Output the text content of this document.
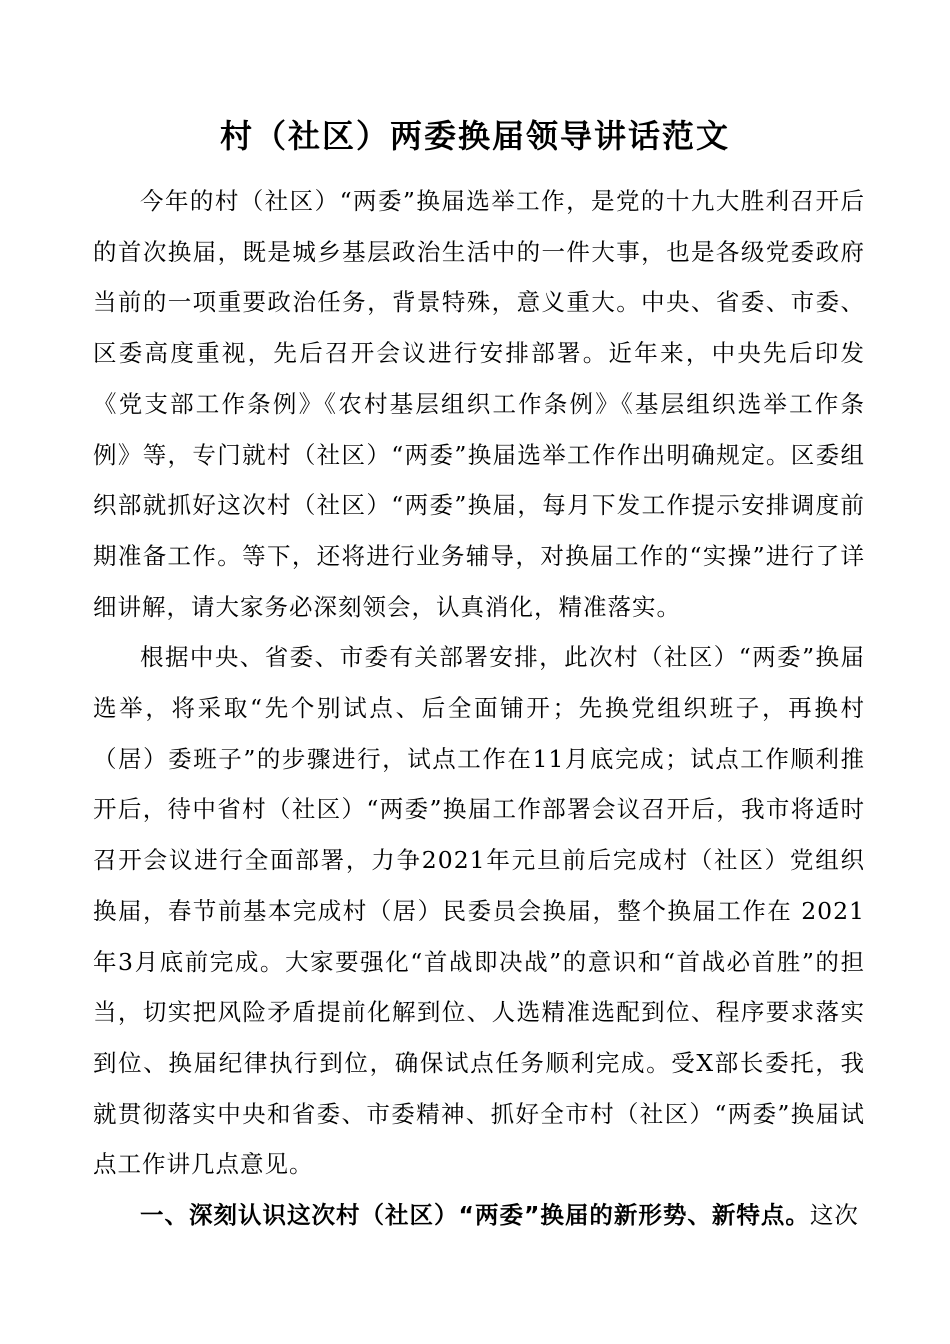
村（社区）两委换届领导讲话范文

今年的村（社区）“两委”换届选举工作，是党的十九大胜利召开后的首次换届，既是城乡基层政治生活中的一件大事，也是各级党委政府当前的一项重要政治任务，背景特殊，意义重大。中央、省委、市委、区委高度重视，先后召开会议进行安排部署。近年来，中央先后印发《党支部工作条例》《农村基层组织工作条例》《基层组织选举工作条例》等，专门就村（社区）“两委”换届选举工作作出明确规定。区委组织部就抓好这次村（社区）“两委”换届，每月下发工作提示安排调度前期准备工作。等下，还将进行业务辅导，对换届工作的“实操”进行了详细讲解，请大家务必深刻领会，认真消化，精准落实。

根据中央、省委、市委有关部署安排，此次村（社区）“两委”换届选举，将采取“先个别试点、后全面铺开；先换党组织班子，再换村（居）委班子”的步骤进行，试点工作在11月底完成；试点工作顺利推开后，待中省村（社区）“两委”换届工作部署会议召开后，我市将适时召开会议进行全面部署，力争2021年元旦前后完成村（社区）党组织换届，春节前基本完成村（居）民委员会换届，整个换届工作在 2021年3月底前完成。大家要强化“首战即决战”的意识和“首战必首胜”的担当，切实把风险矛盾提前化解到位、人选精准选配到位、程序要求落实到位、换届纪律执行到位，确保试点任务顺利完成。受X部长委托，我就贯彻落实中央和省委、市委精神、抓好全市村（社区）“两委”换届试点工作讲几点意见。

一、深刻认识这次村（社区）“两委”换届的新形势、新特点。这次
